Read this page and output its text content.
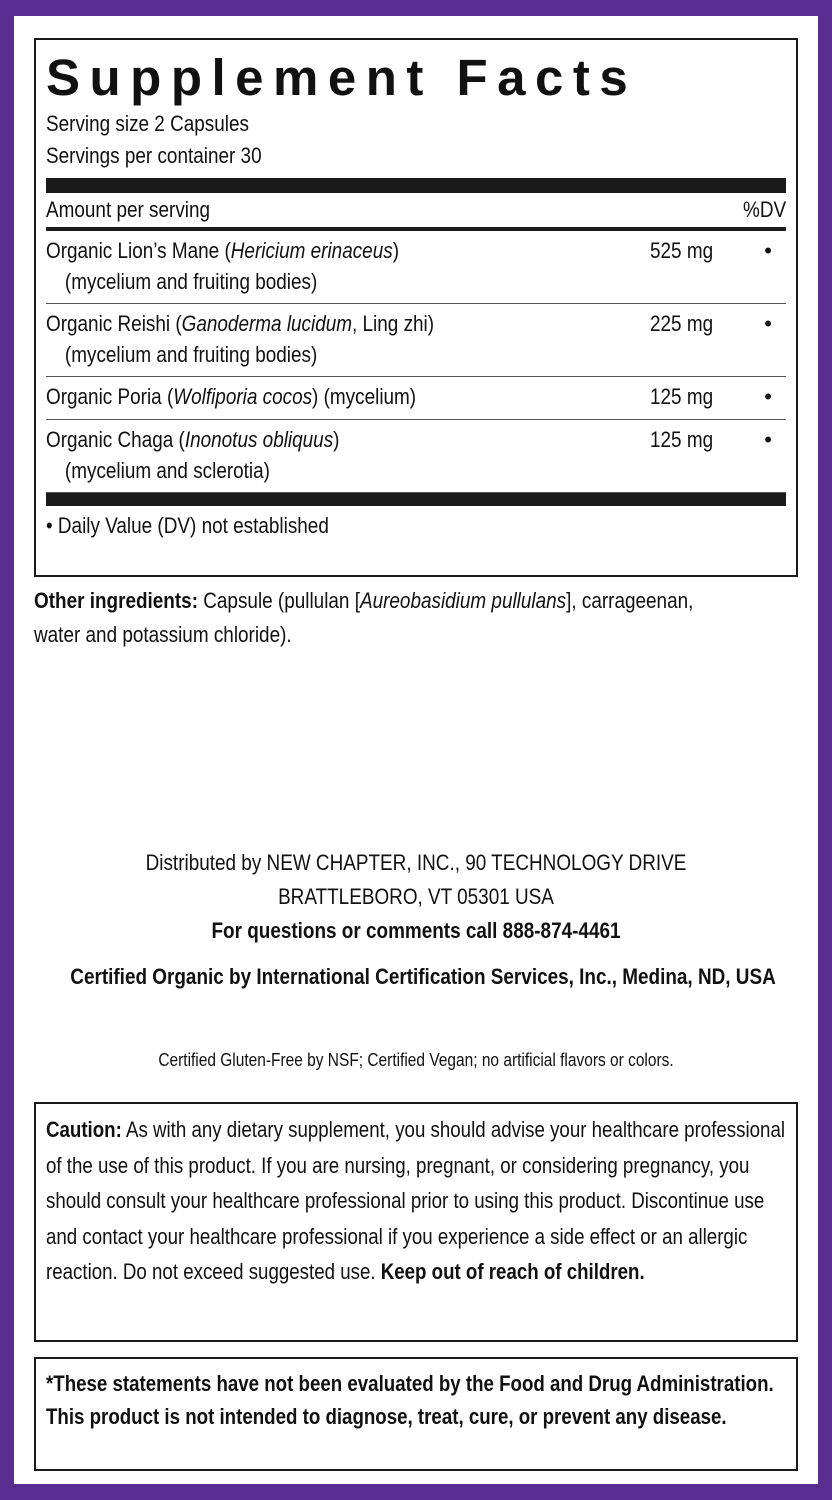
Supplement Facts
Serving size 2 Capsules
Servings per container 30
Amount per serving	%DV
Organic Lion’s Mane (Hericium erinaceus)
(mycelium and fruiting bodies)
525 mg •
Organic Reishi (Ganoderma lucidum, Ling zhi)
(mycelium and fruiting bodies)
225 mg •
Organic Poria (Wolfiporia cocos) (mycelium)	125 mg •
Organic Chaga (Inonotus obliquus)
(mycelium and sclerotia)
125 mg •
• Daily Value (DV) not established
Other ingredients: Capsule (pullulan [Aureobasidium pullulans], carrageenan, water and potassium chloride).
Distributed by NEW CHAPTER, INC., 90 TECHNOLOGY DRIVE
BRATTLEBORO, VT 05301 USA
For questions or comments call 888-874-4461
Certified Organic by International Certification Services, Inc., Medina, ND, USA
Certified Gluten-Free by NSF; Certified Vegan; no artificial flavors or colors.
Caution: As with any dietary supplement, you should advise your healthcare professional of the use of this product. If you are nursing, pregnant, or considering pregnancy, you should consult your healthcare professional prior to using this product. Discontinue use and contact your healthcare professional if you experience a side effect or an allergic reaction. Do not exceed suggested use. Keep out of reach of children.
*These statements have not been evaluated by the Food and Drug Administration. This product is not intended to diagnose, treat, cure, or prevent any disease.
